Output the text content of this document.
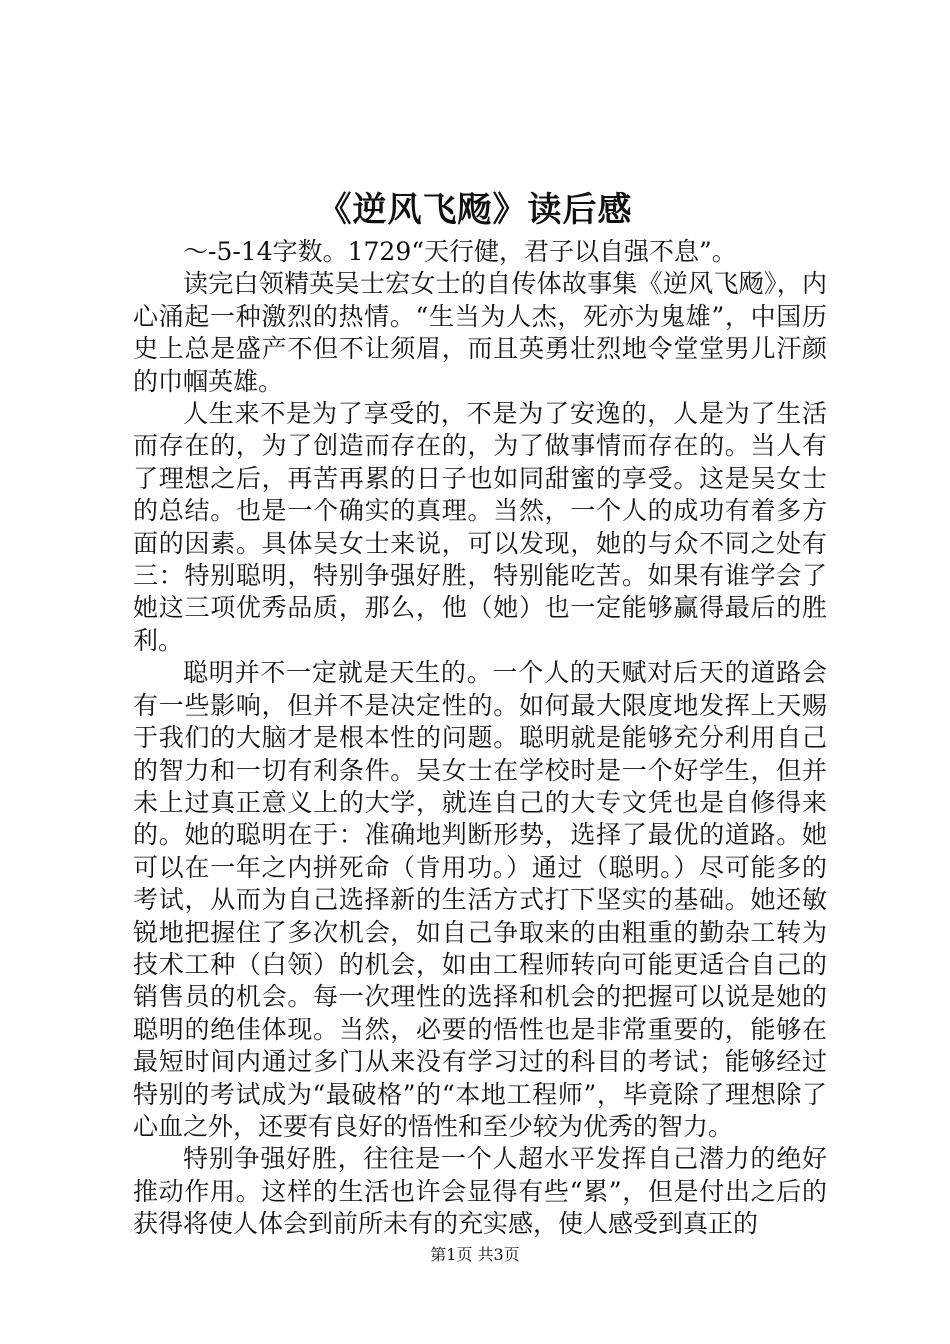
《逆风飞飏》读后感

～-5-14字数。1729“天行健，君子以自强不息”。

读完白领精英吴士宏女士的自传体故事集《逆风飞飏》，内心涌起一种激烈的热情。“生当为人杰，死亦为鬼雄”，中国历史上总是盛产不但不让须眉，而且英勇壮烈地令堂堂男儿汗颜的巾帼英雄。

人生来不是为了享受的，不是为了安逸的，人是为了生活而存在的，为了创造而存在的，为了做事情而存在的。当人有了理想之后，再苦再累的日子也如同甜蜜的享受。这是吴女士的总结。也是一个确实的真理。当然，一个人的成功有着多方面的因素。具体吴女士来说，可以发现，她的与众不同之处有三：特别聪明，特别争强好胜，特别能吃苦。如果有谁学会了她这三项优秀品质，那么，他（她）也一定能够赢得最后的胜利。

聪明并不一定就是天生的。一个人的天赋对后天的道路会有一些影响，但并不是决定性的。如何最大限度地发挥上天赐于我们的大脑才是根本性的问题。聪明就是能够充分利用自己的智力和一切有利条件。吴女士在学校时是一个好学生，但并未上过真正意义上的大学，就连自己的大专文凭也是自修得来的。她的聪明在于：准确地判断形势，选择了最优的道路。她可以在一年之内拼死命（肯用功。）通过（聪明。）尽可能多的考试，从而为自己选择新的生活方式打下坚实的基础。她还敏锐地把握住了多次机会，如自己争取来的由粗重的勤杂工转为技术工种（白领）的机会，如由工程师转向可能更适合自己的销售员的机会。每一次理性的选择和机会的把握可以说是她的聪明的绝佳体现。当然，必要的悟性也是非常重要的，能够在最短时间内通过多门从来没有学习过的科目的考试；能够经过特别的考试成为“最破格”的“本地工程师”，毕竟除了理想除了心血之外，还要有良好的悟性和至少较为优秀的智力。

特别争强好胜，往往是一个人超水平发挥自己潜力的绝好推动作用。这样的生活也许会显得有些“累”，但是付出之后的获得将使人体会到前所未有的充实感，使人感受到真正的

第1页 共3页
